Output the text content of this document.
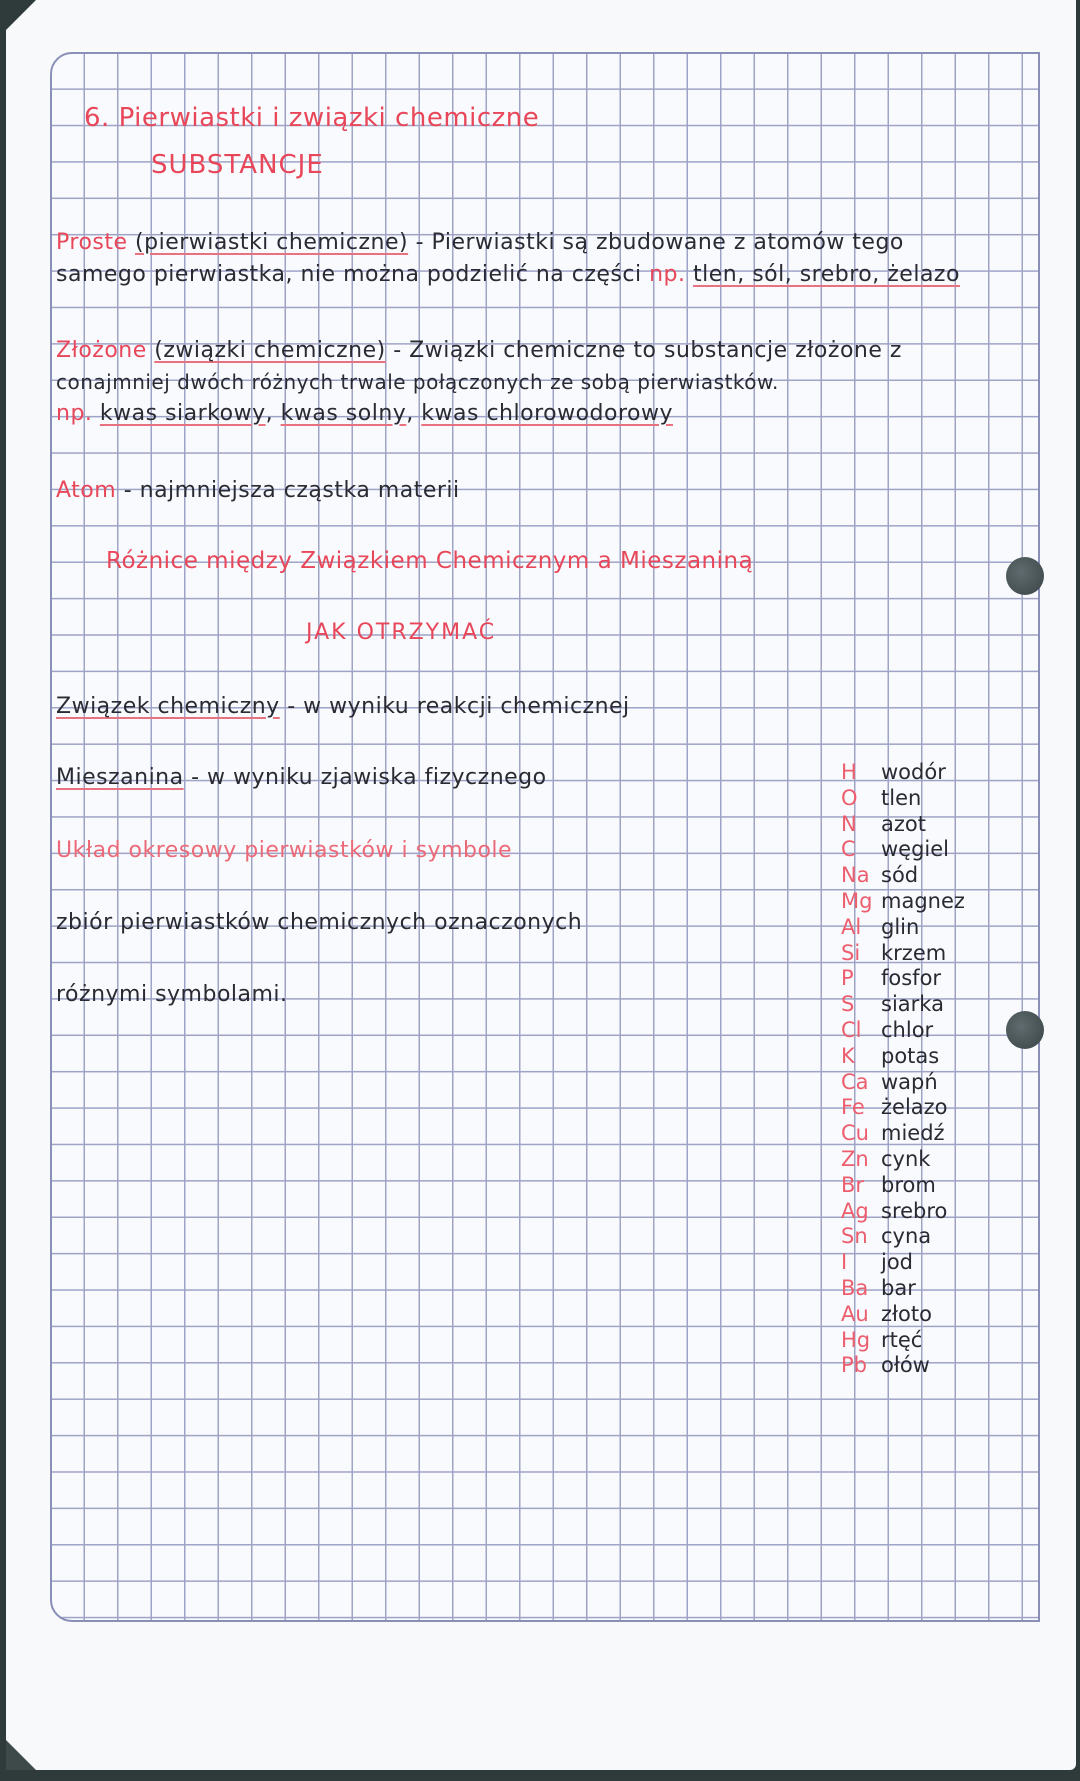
6. Pierwiastki i związki chemiczne
SUBSTANCJE
Proste (pierwiastki chemiczne) - Pierwiastki są zbudowane z atomów tego
samego pierwiastka, nie można podzielić na części np. tlen, sól, srebro, żelazo
Złożone (związki chemiczne) - Związki chemiczne to substancje złożone z
conajmniej dwóch różnych trwale połączonych ze sobą pierwiastków.
np. kwas siarkowy, kwas solny, kwas chlorowodorowy
Atom - najmniejsza cząstka materii
Różnice między Związkiem Chemicznym a Mieszaniną
JAK OTRZYMAĆ
Związek chemiczny - w wyniku reakcji chemicznej
Mieszanina - w wyniku zjawiska fizycznego
Układ okresowy pierwiastków i symbole
zbiór pierwiastków chemicznych oznaczonych
różnymi symbolami.
H	wodór
O	tlen
N	azot
C	węgiel
Na sód
Mg magnez
Al glin
Si krzem
P	fosfor
S	siarka
Cl chlor
K	potas
Ca wapń
Fe żelazo
Cu miedź
Zn cynk
Br brom
Ag srebro
Sn cyna
I	jod
Ba bar
Au złoto
Hg rtęć
Pb ołów
